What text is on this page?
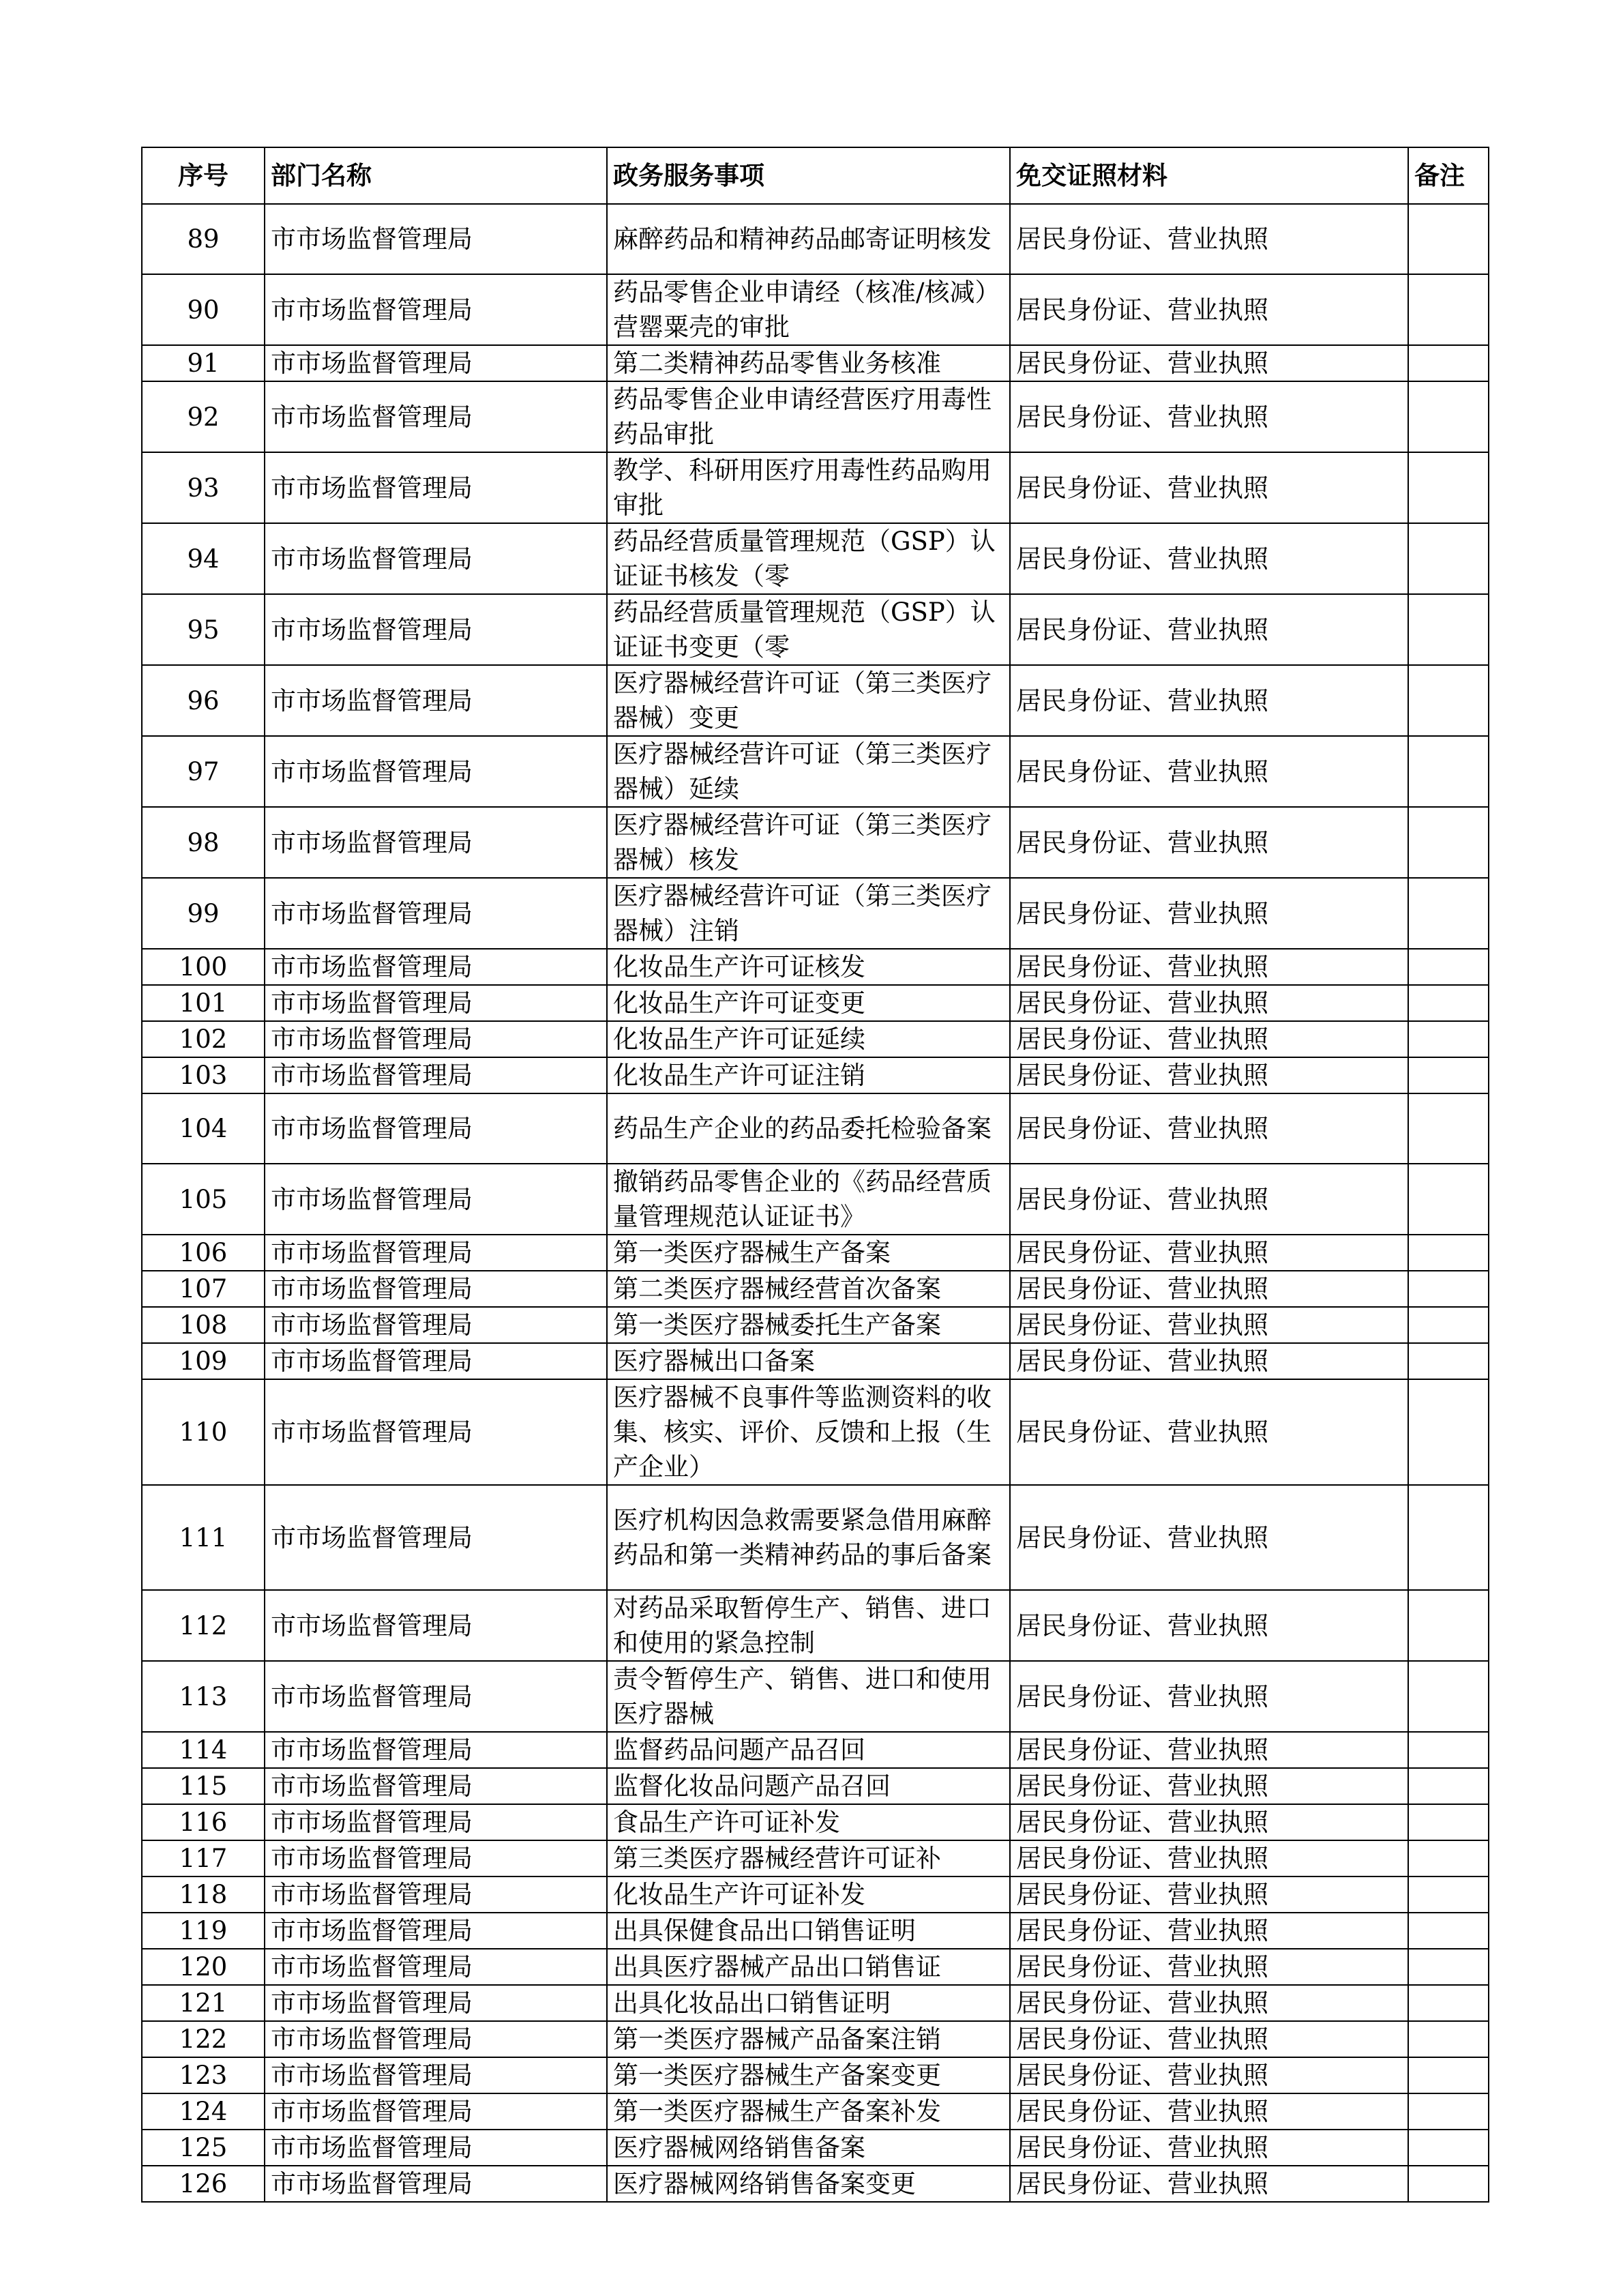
序号	部门名称	政务服务事项	免交证照材料	备注
89	市市场监督管理局	麻醉药品和精神药品邮寄证明核发	居民身份证、营业执照	
90	市市场监督管理局	药品零售企业申请经（核准/核减）营罂粟壳的审批	居民身份证、营业执照	
91	市市场监督管理局	第二类精神药品零售业务核准	居民身份证、营业执照	
92	市市场监督管理局	药品零售企业申请经营医疗用毒性药品审批	居民身份证、营业执照	
93	市市场监督管理局	教学、科研用医疗用毒性药品购用审批	居民身份证、营业执照	
94	市市场监督管理局	药品经营质量管理规范（GSP）认证证书核发（零	居民身份证、营业执照	
95	市市场监督管理局	药品经营质量管理规范（GSP）认证证书变更（零	居民身份证、营业执照	
96	市市场监督管理局	医疗器械经营许可证（第三类医疗器械）变更	居民身份证、营业执照	
97	市市场监督管理局	医疗器械经营许可证（第三类医疗器械）延续	居民身份证、营业执照	
98	市市场监督管理局	医疗器械经营许可证（第三类医疗器械）核发	居民身份证、营业执照	
99	市市场监督管理局	医疗器械经营许可证（第三类医疗器械）注销	居民身份证、营业执照	
100	市市场监督管理局	化妆品生产许可证核发	居民身份证、营业执照	
101	市市场监督管理局	化妆品生产许可证变更	居民身份证、营业执照	
102	市市场监督管理局	化妆品生产许可证延续	居民身份证、营业执照	
103	市市场监督管理局	化妆品生产许可证注销	居民身份证、营业执照	
104	市市场监督管理局	药品生产企业的药品委托检验备案	居民身份证、营业执照	
105	市市场监督管理局	撤销药品零售企业的《药品经营质量管理规范认证证书》	居民身份证、营业执照	
106	市市场监督管理局	第一类医疗器械生产备案	居民身份证、营业执照	
107	市市场监督管理局	第二类医疗器械经营首次备案	居民身份证、营业执照	
108	市市场监督管理局	第一类医疗器械委托生产备案	居民身份证、营业执照	
109	市市场监督管理局	医疗器械出口备案	居民身份证、营业执照	
110	市市场监督管理局	医疗器械不良事件等监测资料的收集、核实、评价、反馈和上报（生产企业）	居民身份证、营业执照	
111	市市场监督管理局	医疗机构因急救需要紧急借用麻醉药品和第一类精神药品的事后备案	居民身份证、营业执照	
112	市市场监督管理局	对药品采取暂停生产、销售、进口和使用的紧急控制	居民身份证、营业执照	
113	市市场监督管理局	责令暂停生产、销售、进口和使用医疗器械	居民身份证、营业执照	
114	市市场监督管理局	监督药品问题产品召回	居民身份证、营业执照	
115	市市场监督管理局	监督化妆品问题产品召回	居民身份证、营业执照	
116	市市场监督管理局	食品生产许可证补发	居民身份证、营业执照	
117	市市场监督管理局	第三类医疗器械经营许可证补	居民身份证、营业执照	
118	市市场监督管理局	化妆品生产许可证补发	居民身份证、营业执照	
119	市市场监督管理局	出具保健食品出口销售证明	居民身份证、营业执照	
120	市市场监督管理局	出具医疗器械产品出口销售证	居民身份证、营业执照	
121	市市场监督管理局	出具化妆品出口销售证明	居民身份证、营业执照	
122	市市场监督管理局	第一类医疗器械产品备案注销	居民身份证、营业执照	
123	市市场监督管理局	第一类医疗器械生产备案变更	居民身份证、营业执照	
124	市市场监督管理局	第一类医疗器械生产备案补发	居民身份证、营业执照	
125	市市场监督管理局	医疗器械网络销售备案	居民身份证、营业执照	
126	市市场监督管理局	医疗器械网络销售备案变更	居民身份证、营业执照	
